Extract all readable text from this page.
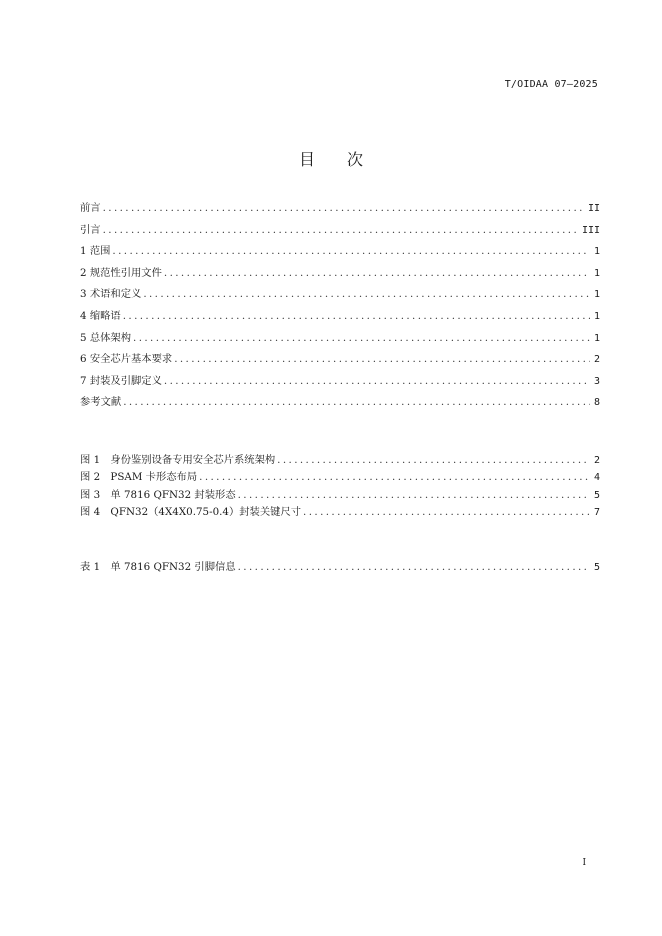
T/OIDAA 07—2025
目 次
前言 .....	II
引言 .....	III
1 范围 .....	1
2 规范性引用文件 .....	1
3 术语和定义 .....	1
4 缩略语 .....	1
5 总体架构 .....	1
6 安全芯片基本要求 .....	2
7 封装及引脚定义 .....	3
参考文献 .....	8
图 1　身份鉴别设备专用安全芯片系统架构 .....	2
图 2　PSAM 卡形态布局 .....	4
图 3　单 7816 QFN32 封装形态 .....	5
图 4　QFN32（4X4X0.75-0.4）封装关键尺寸 .....	7
表 1　单 7816 QFN32 引脚信息 .....	5
I
